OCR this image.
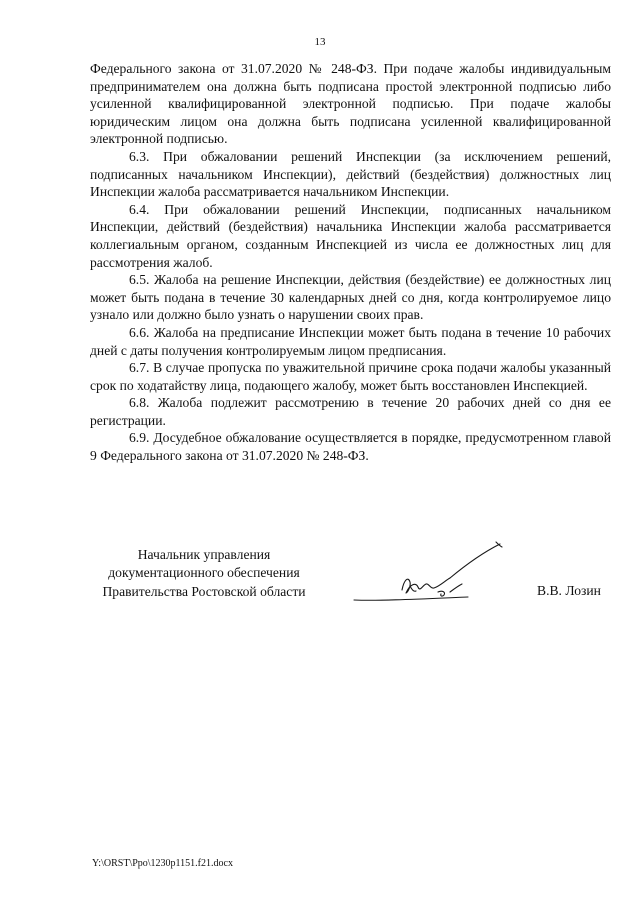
13

Федерального закона от 31.07.2020 № 248-ФЗ. При подаче жалобы индивидуальным предпринимателем она должна быть подписана простой электронной подписью либо усиленной квалифицированной электронной подписью. При подаче жалобы юридическим лицом она должна быть подписана усиленной квалифицированной электронной подписью.

6.3. При обжаловании решений Инспекции (за исключением решений, подписанных начальником Инспекции), действий (бездействия) должностных лиц Инспекции жалоба рассматривается начальником Инспекции.

6.4. При обжаловании решений Инспекции, подписанных начальником Инспекции, действий (бездействия) начальника Инспекции жалоба рассматривается коллегиальным органом, созданным Инспекцией из числа ее должностных лиц для рассмотрения жалоб.

6.5. Жалоба на решение Инспекции, действия (бездействие) ее должностных лиц может быть подана в течение 30 календарных дней со дня, когда контролируемое лицо узнало или должно было узнать о нарушении своих прав.

6.6. Жалоба на предписание Инспекции может быть подана в течение 10 рабочих дней с даты получения контролируемым лицом предписания.

6.7. В случае пропуска по уважительной причине срока подачи жалобы указанный срок по ходатайству лица, подающего жалобу, может быть восстановлен Инспекцией.

6.8. Жалоба подлежит рассмотрению в течение 20 рабочих дней со дня ее регистрации.

6.9. Досудебное обжалование осуществляется в порядке, предусмотренном главой 9 Федерального закона от 31.07.2020 № 248-ФЗ.

Начальник управления
документационного обеспечения
Правительства Ростовской области	В.В. Лозин
Y:\ORST\Ppo\1230p1151.f21.docx
